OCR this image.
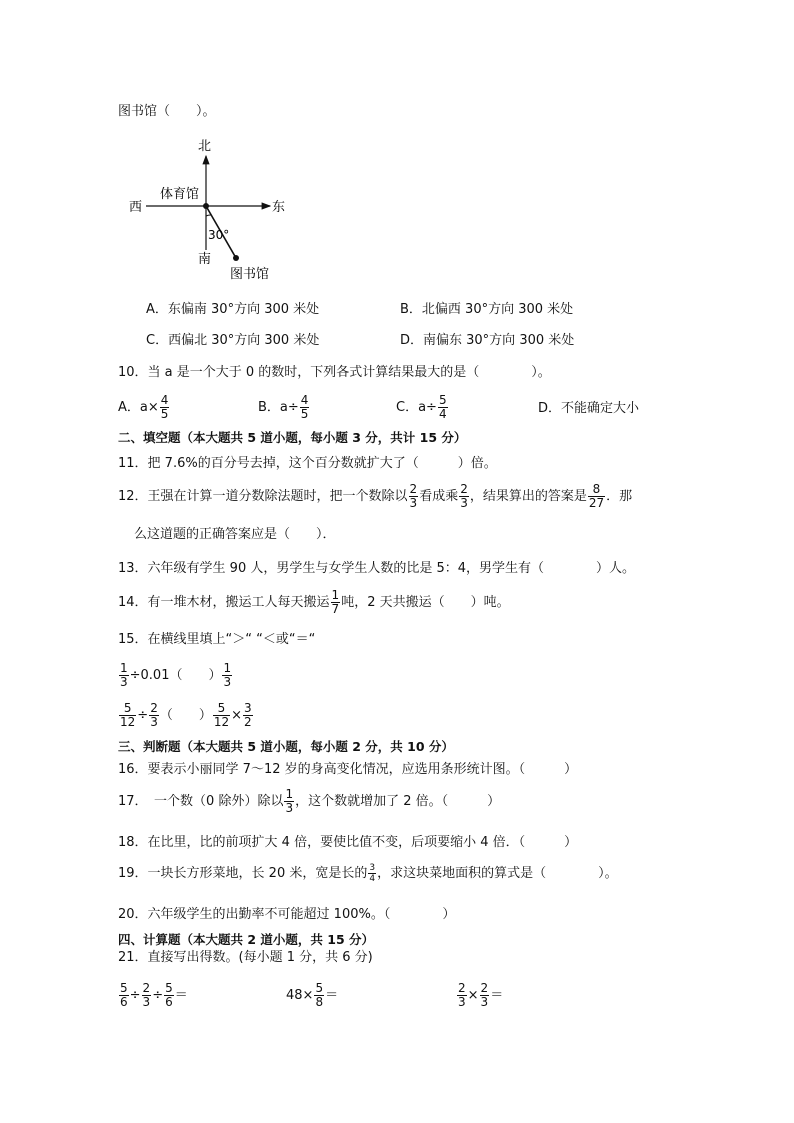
图书馆（　　）。
北
南
西	东
体育馆
30°
图书馆
A．东偏南 30°方向 300 米处	B．北偏西 30°方向 300 米处
C．西偏北 30°方向 300 米处	D．南偏东 30°方向 300 米处
10．当 a 是一个大于 0 的数时，下列各式计算结果最大的是（　　　　）。
A．$a\times \frac{4}{5}$	B．$a\div \frac{4}{5}$	C．$a\div \frac{5}{4}$	D．不能确定大小
二、填空题（本大题共 5 道小题，每小题 3 分，共计 15 分）
11．把 7.6%的百分号去掉，这个百分数就扩大了（　　　）倍。
12．王强在计算一道分数除法题时，把一个数除以 $\frac{2}{3}$ 看成乘 $\frac{2}{3}$ ，结果算出的答案是 $\frac{8}{27}$ ．那
么这道题的正确答案应是（　　）．
13．六年级有学生 90 人，男学生与女学生人数的比是 5：4，男学生有（　　　　）人。
14．有一堆木材，搬运工人每天搬运 $\frac{1}{7}$ 吨，2 天共搬运（　　）吨。
15．在横线里填上“＞“ “＜或“＝“
$\frac{1}{3} \div 0.01$（　　） $\frac{1}{3}$
$\frac{5}{12} \div \frac{2}{3}$ （　　） $\frac{5}{12} \times \frac{3}{2}$
三、判断题（本大题共 5 道小题，每小题 2 分，共 10 分）
16．要表示小丽同学 7～12 岁的身高变化情况，应选用条形统计图。（　　　）
17．　一个数（0 除外）除以 $\frac{1}{3}$ ，这个数就增加了 2 倍。（　　　）
18．在比里，比的前项扩大 4 倍，要使比值不变，后项要缩小 4 倍．（　　　）
19．一块长方形菜地，长 20 米，宽是长的 $\frac{3}{4}$ ，求这块菜地面积的算式是（　　　　）。
20．六年级学生的出勤率不可能超过 100%。（　　　　）
四、计算题（本大题共 2 道小题，共 15 分）
21．直接写出得数。(每小题 1 分，共 6 分)
$\frac{5}{6} \div \frac{2}{3} \div \frac{5}{6}$ ＝	$48\times \frac{5}{8}$ ＝	$\frac{2}{3} \times \frac{2}{3}$ ＝
